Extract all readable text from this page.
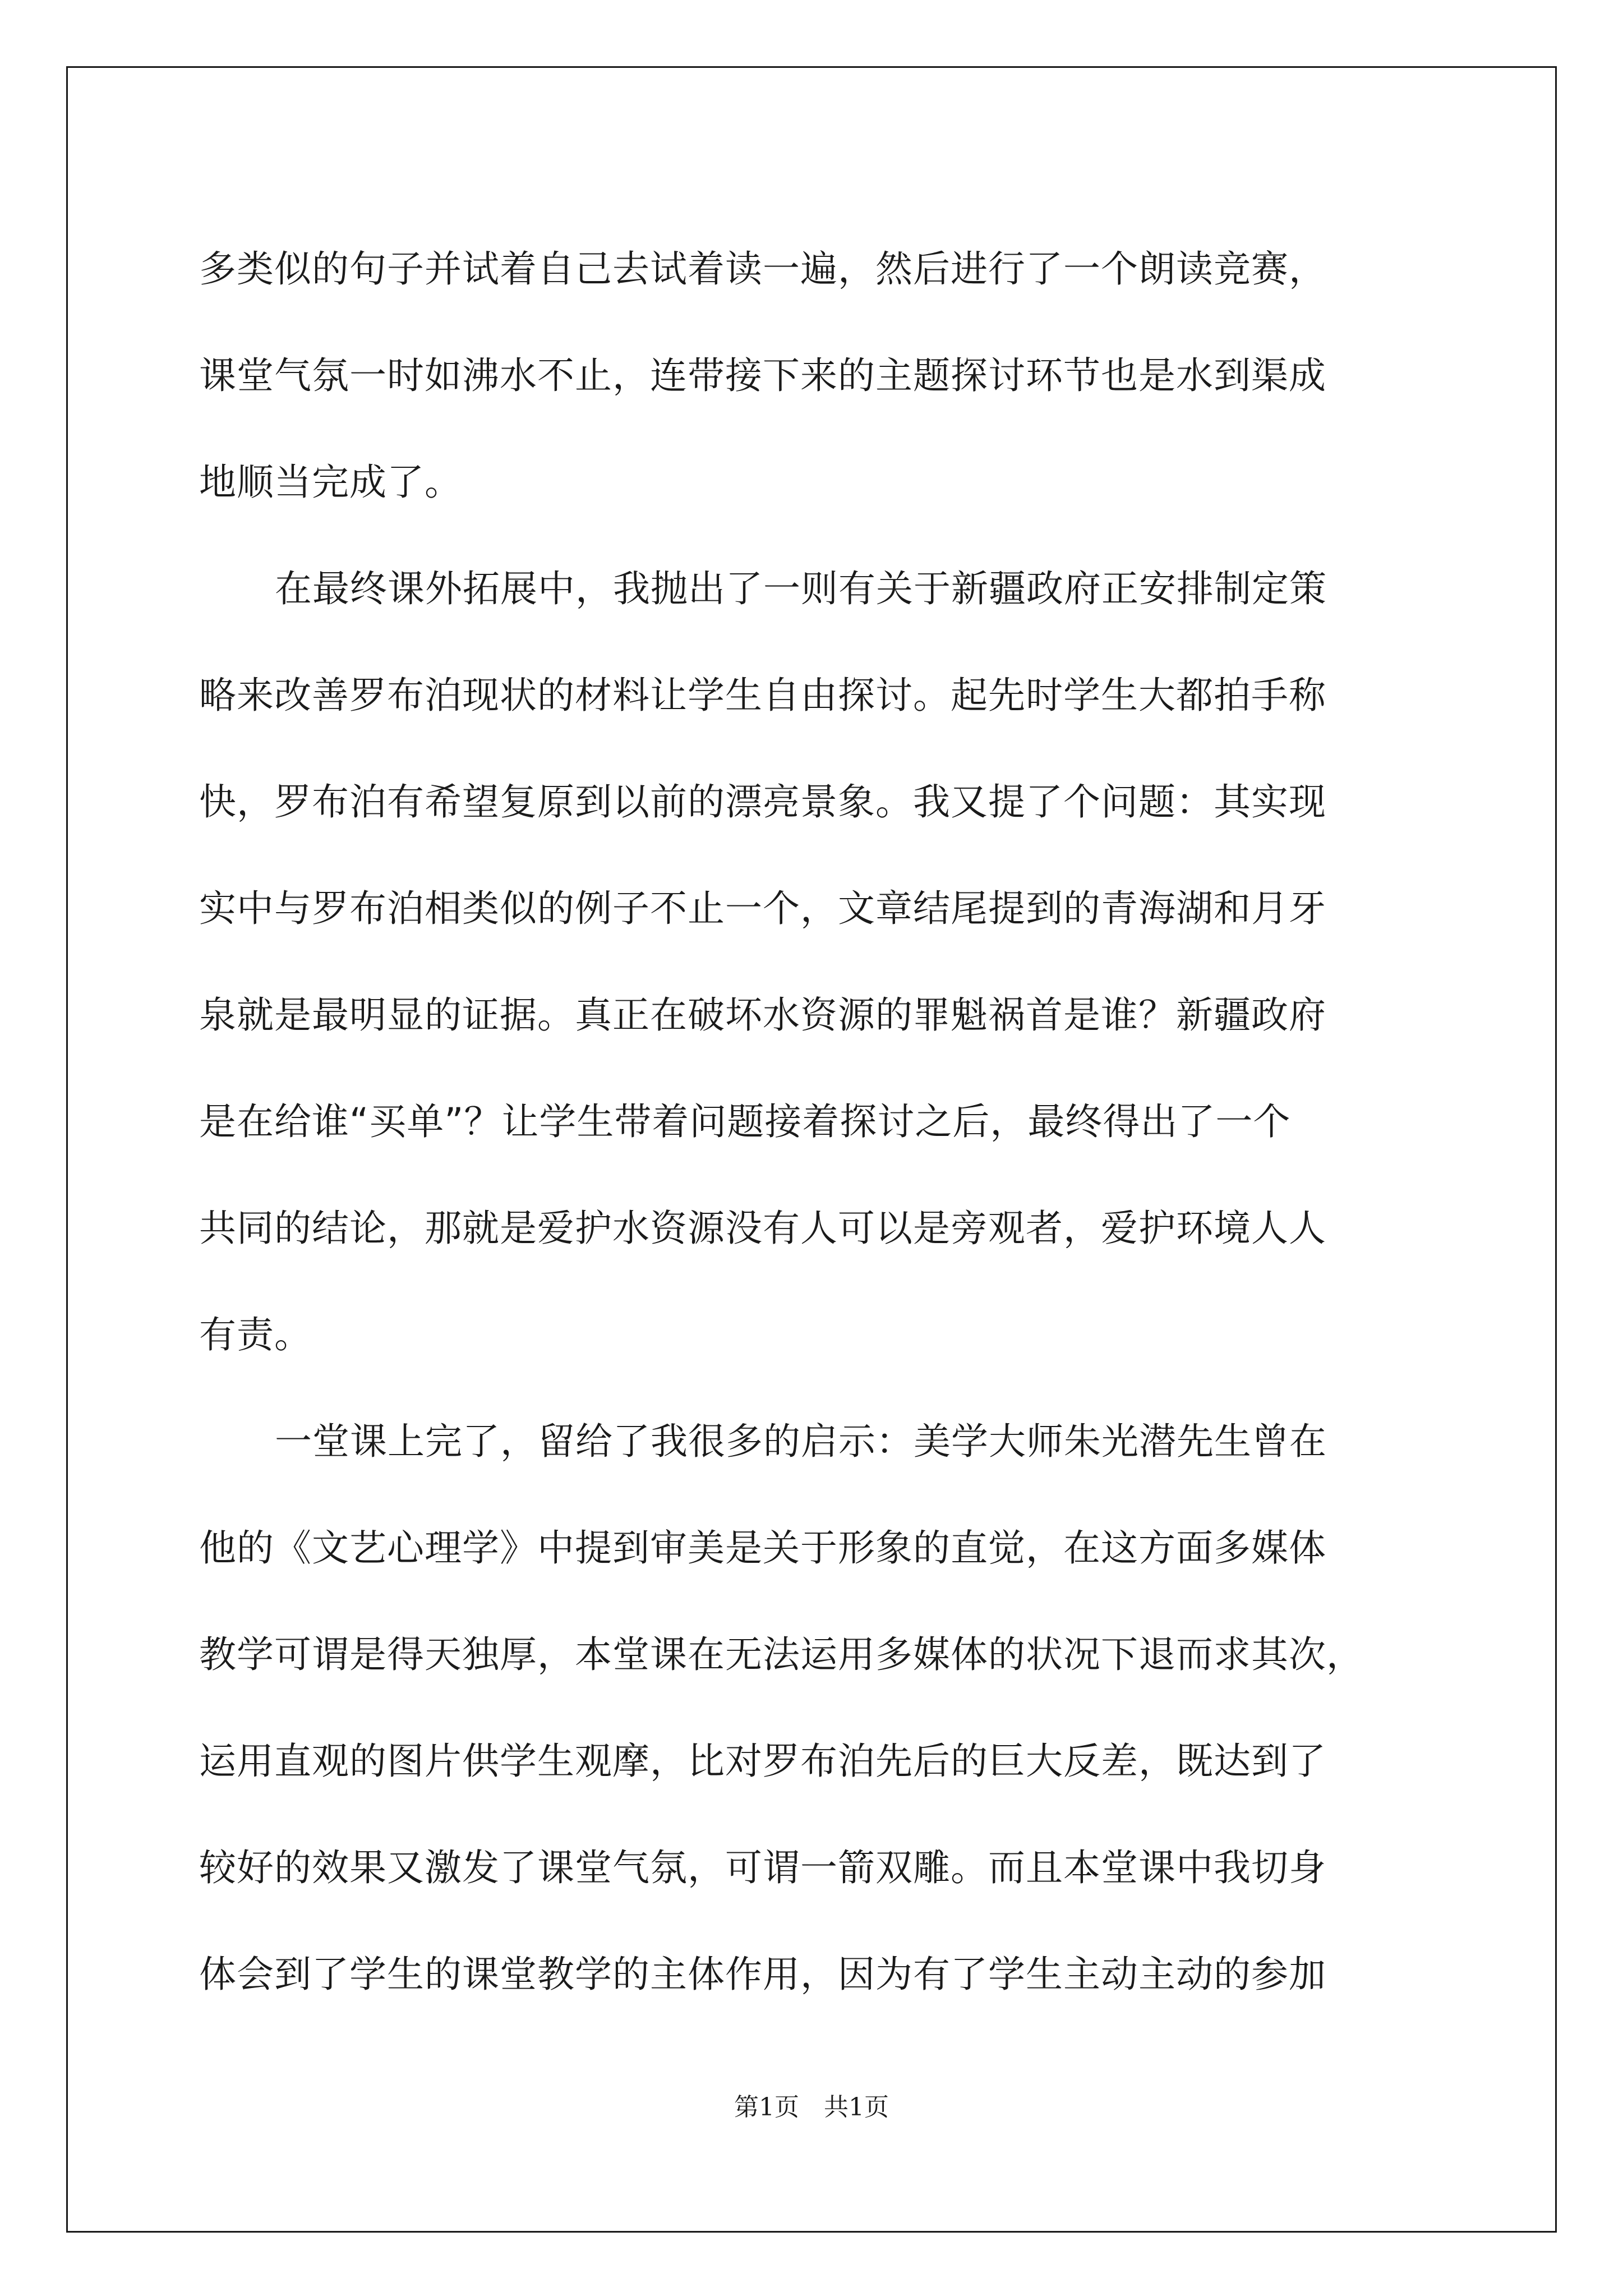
多类似的句子并试着自己去试着读一遍，然后进行了一个朗读竞赛，
课堂气氛一时如沸水不止，连带接下来的主题探讨环节也是水到渠成
地顺当完成了。
在最终课外拓展中，我抛出了一则有关于新疆政府正安排制定策
略来改善罗布泊现状的材料让学生自由探讨。起先时学生大都拍手称
快，罗布泊有希望复原到以前的漂亮景象。我又提了个问题：其实现
实中与罗布泊相类似的例子不止一个，文章结尾提到的青海湖和月牙
泉就是最明显的证据。真正在破坏水资源的罪魁祸首是谁？新疆政府
是在给谁“买单”？让学生带着问题接着探讨之后，最终得出了一个
共同的结论，那就是爱护水资源没有人可以是旁观者，爱护环境人人
有责。
一堂课上完了，留给了我很多的启示：美学大师朱光潜先生曾在
他的《文艺心理学》中提到审美是关于形象的直觉，在这方面多媒体
教学可谓是得天独厚，本堂课在无法运用多媒体的状况下退而求其次，
运用直观的图片供学生观摩，比对罗布泊先后的巨大反差，既达到了
较好的效果又激发了课堂气氛，可谓一箭双雕。而且本堂课中我切身
体会到了学生的课堂教学的主体作用，因为有了学生主动主动的参加
第1页　共1页
